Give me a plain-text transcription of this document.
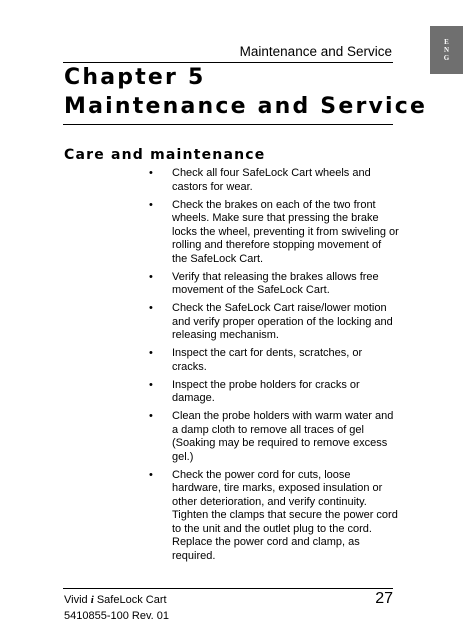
E
N
G
Maintenance and Service
Chapter 5
Maintenance and Service
Care and maintenance
• Check all four SafeLock Cart wheels and castors for wear.
• Check the brakes on each of the two front wheels. Make sure that pressing the brake locks the wheel, preventing it from swiveling or rolling and therefore stopping movement of the SafeLock Cart.
• Verify that releasing the brakes allows free movement of the SafeLock Cart.
• Check the SafeLock Cart raise/lower motion and verify proper operation of the locking and releasing mechanism.
• Inspect the cart for dents, scratches, or cracks.
• Inspect the probe holders for cracks or damage.
• Clean the probe holders with warm water and a damp cloth to remove all traces of gel (Soaking may be required to remove excess gel.)
• Check the power cord for cuts, loose hardware, tire marks, exposed insulation or other deterioration, and verify continuity. Tighten the clamps that secure the power cord to the unit and the outlet plug to the cord. Replace the power cord and clamp, as required.
Vivid i SafeLock Cart
5410855-100 Rev. 01
27
